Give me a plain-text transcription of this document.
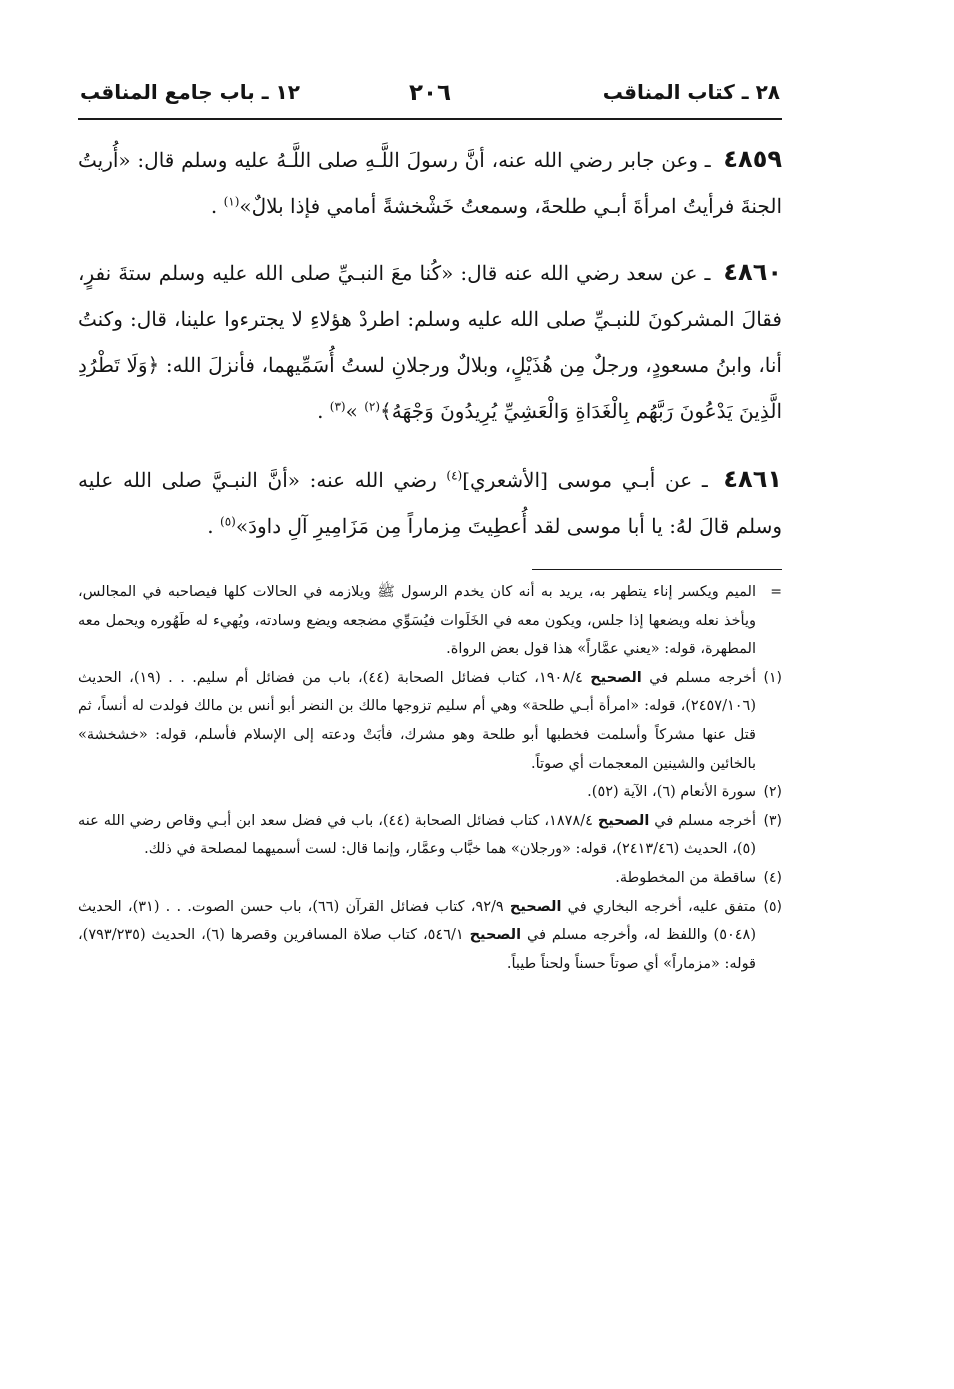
٢٨ ـ كتاب المناقب
٢٠٦
١٢ ـ باب جامع المناقب

٤٨٥٩ ـ وعن جابر رضي الله عنه، أنَّ رسولَ اللَّـهِ صلى اللَّـهُ عليه وسلم قال: «أُريتُ الجنةَ فرأيتُ امرأةَ أبـي طلحةَ، وسمعتُ خَشْخشةً أمامي فإذا بلالٌ»$^{(١)}$ .

٤٨٦٠ ـ عن سعد رضي الله عنه قال: «كُنا معَ النبـيِّ صلى الله عليه وسلم ستةَ نفرٍ، فقالَ المشركونَ للنبـيِّ صلى الله عليه وسلم: اطردْ هؤلاءِ لا يجترءوا علينا، قال: وكنتُ أنا، وابنُ مسعودٍ، ورجلٌ مِن هُذَيْلٍ، وبلالٌ ورجلانِ لستُ أُسَمِّيهما، فأنزلَ الله: ﴿وَلَا تَطْرُدِ الَّذِينَ يَدْعُونَ رَبَّهُم بِالْغَدَاةِ وَالْعَشِيِّ يُرِيدُونَ وَجْهَهُ﴾$^{(٢)}$ »$^{(٣)}$ .

٤٨٦١ ـ عن أبـي موسى [الأشعري]$^{(٤)}$ رضي الله عنه: «أنَّ النبـيَّ صلى الله عليه وسلم قالَ لهُ: يا أبا موسى لقد أُعطِيتَ مِزماراً مِن مَزَامِيرِ آلِ داودَ»$^{(٥)}$ .

=
الميم ويكسر إناء يتطهر به، يريد به أنه كان يخدم الرسول ﷺ ويلازمه في الحالات كلها فيصاحبه في المجالس، ويأخذ نعله ويضعها إذا جلس، ويكون معه في الخَلَوات فيُسَوِّي مضجعه ويضع وسادته، ويُهيء له طَهُوره ويحمل معه المطهرة، قوله: «يعني عمَّاراً» هذا قول بعض الرواة.

(١)
أخرجه مسلم في الصحيح ١٩٠٨/٤، كتاب فضائل الصحابة (٤٤)، باب من فضائل أم سليم. . . (١٩)، الحديث (٢٤٥٧/١٠٦)، قوله: «امرأة أبـي طلحة» وهي أم سليم تزوجها مالك بن النضر أبو أنس بن مالك فولدت له أنساً، ثم قتل عنها مشركاً وأسلمت فخطبها أبو طلحة وهو مشرك، فأبَتْ ودعته إلى الإسلام فأسلم، قوله: «خشخشة» بالخائين والشينين المعجمات أي صوتاً.

(٢)
سورة الأنعام (٦)، الآية (٥٢).

(٣)
أخرجه مسلم في الصحيح ١٨٧٨/٤، كتاب فضائل الصحابة (٤٤)، باب في فضل سعد ابن أبـي وقاص رضي الله عنه (٥)، الحديث (٢٤١٣/٤٦)، قوله: «ورجلان» هما خبَّاب وعمَّار، وإنما قال: لست أسميهما لمصلحة في ذلك.

(٤)
ساقطة من المخطوطة.

(٥)
متفق عليه، أخرجه البخاري في الصحيح ٩٢/٩، كتاب فضائل القرآن (٦٦)، باب حسن الصوت. . . (٣١)، الحديث (٥٠٤٨) واللفظ له، وأخرجه مسلم في الصحيح ٥٤٦/١، كتاب صلاة المسافرين وقصرها (٦)، الحديث (٧٩٣/٢٣٥)، قوله: «مزماراً» أي صوتاً حسناً ولحناً طيباً.
